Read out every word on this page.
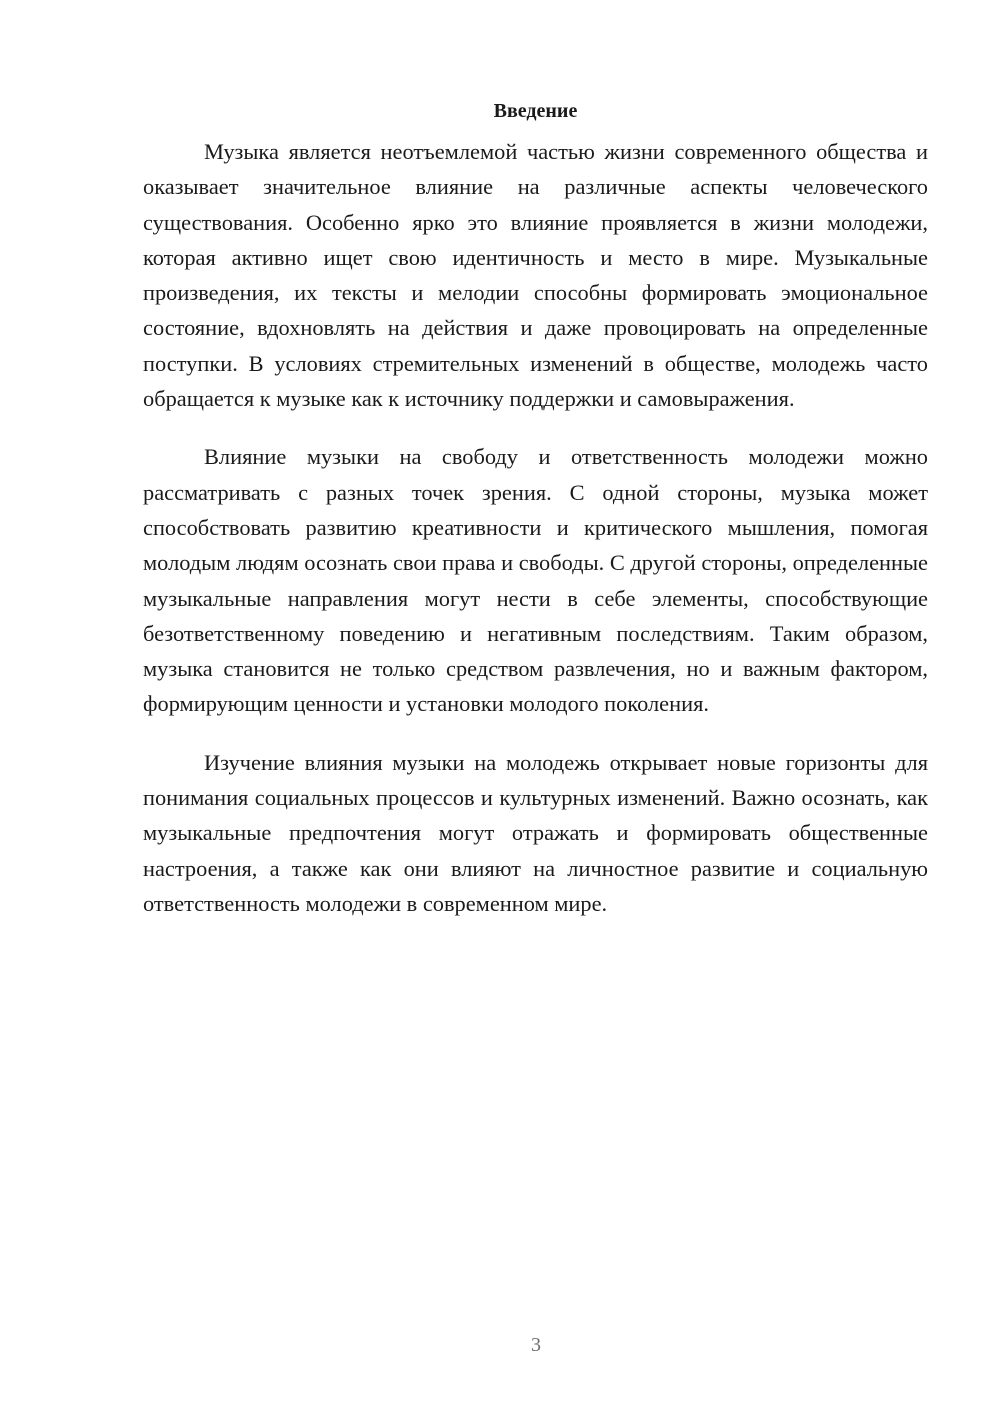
Введение

Музыка является неотъемлемой частью жизни современного общества и оказывает значительное влияние на различные аспекты человеческого существования. Особенно ярко это влияние проявляется в жизни молодежи, которая активно ищет свою идентичность и место в мире. Музыкальные произведения, их тексты и мелодии способны формировать эмоциональное состояние, вдохновлять на действия и даже провоцировать на определенные поступки. В условиях стремительных изменений в обществе, молодежь часто обращается к музыке как к источнику поддержки и самовыражения.

Влияние музыки на свободу и ответственность молодежи можно рассматривать с разных точек зрения. С одной стороны, музыка может способствовать развитию креативности и критического мышления, помогая молодым людям осознать свои права и свободы. С другой стороны, определенные музыкальные направления могут нести в себе элементы, способствующие безответственному поведению и негативным последствиям. Таким образом, музыка становится не только средством развлечения, но и важным фактором, формирующим ценности и установки молодого поколения.

Изучение влияния музыки на молодежь открывает новые горизонты для понимания социальных процессов и культурных изменений. Важно осознать, как музыкальные предпочтения могут отражать и формировать общественные настроения, а также как они влияют на личностное развитие и социальную ответственность молодежи в современном мире.

3
